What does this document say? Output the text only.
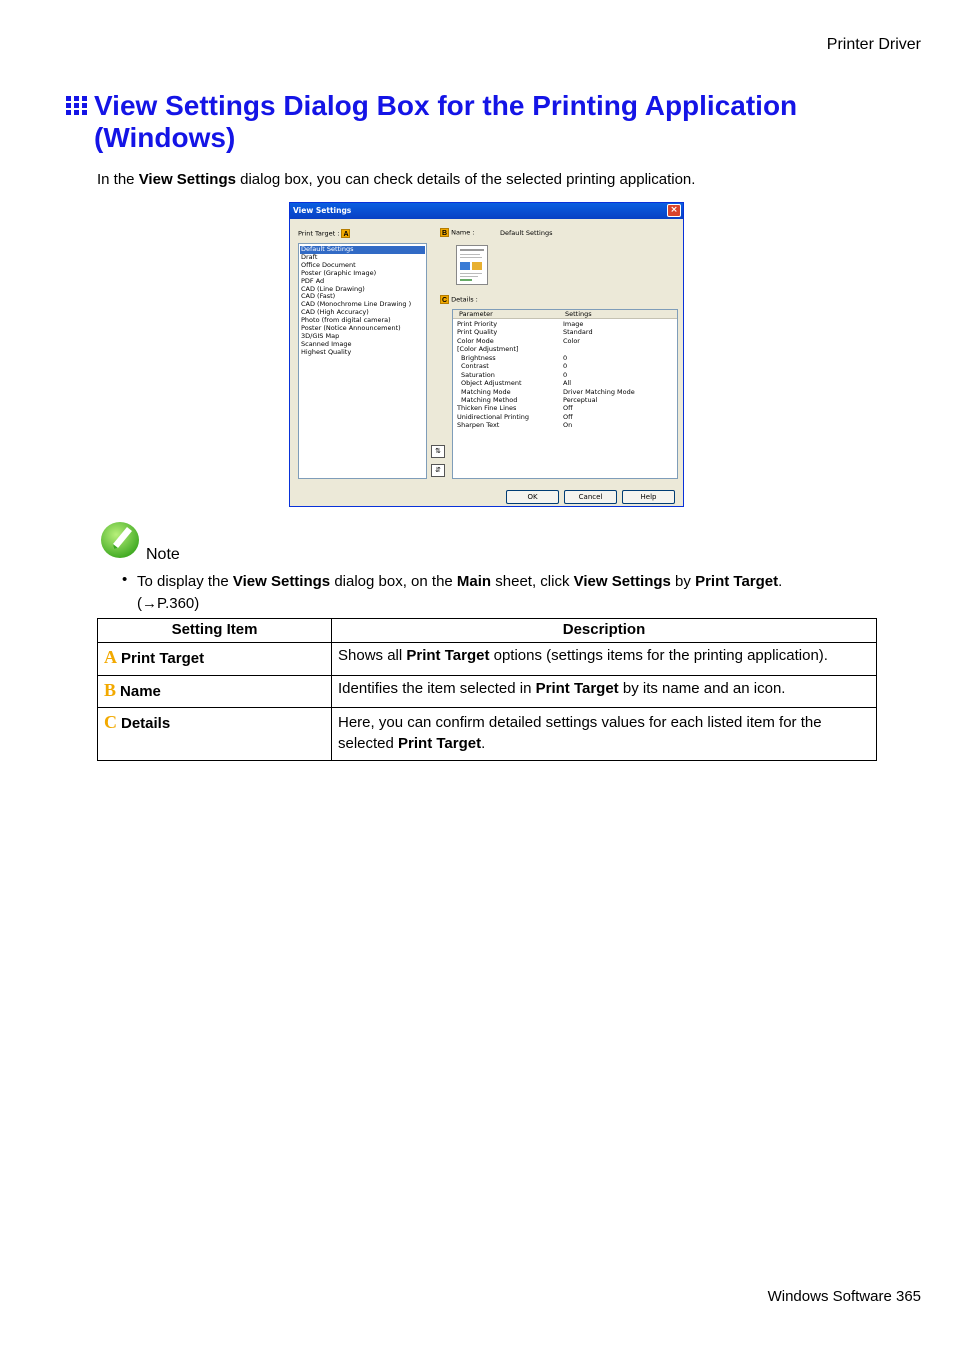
Printer Driver
View Settings Dialog Box for the Printing Application (Windows)
In the View Settings dialog box, you can check details of the selected printing application.
View Settings	×
Print Target : A
Default Settings
Draft
Office Document
Poster (Graphic Image)
PDF Ad
CAD (Line Drawing)
CAD (Fast)
CAD (Monochrome Line Drawing )
CAD (High Accuracy)
Photo (from digital camera)
Poster (Notice Announcement)
3D/GIS Map
Scanned Image
Highest Quality
B Name :	Default Settings
C Details :
Parameter	Settings
Print Priority	Image
Print Quality	Standard
Color Mode	Color
[Color Adjustment]
Brightness	0
Contrast	0
Saturation	0
Object Adjustment	All
Matching Mode	Driver Matching Mode
Matching Method	Perceptual
Thicken Fine Lines	Off
Unidirectional Printing	Off
Sharpen Text	On
⇅
⇵
OK	Cancel	Help
Note
• To display the View Settings dialog box, on the Main sheet, click View Settings by Print Target.
(→P.360)
Setting Item	Description
A Print Target	Shows all Print Target options (settings items for the printing application).
B Name	Identifies the item selected in Print Target by its name and an icon.
C Details	Here, you can confirm detailed settings values for each listed item for the selected Print Target.
Windows Software 365
